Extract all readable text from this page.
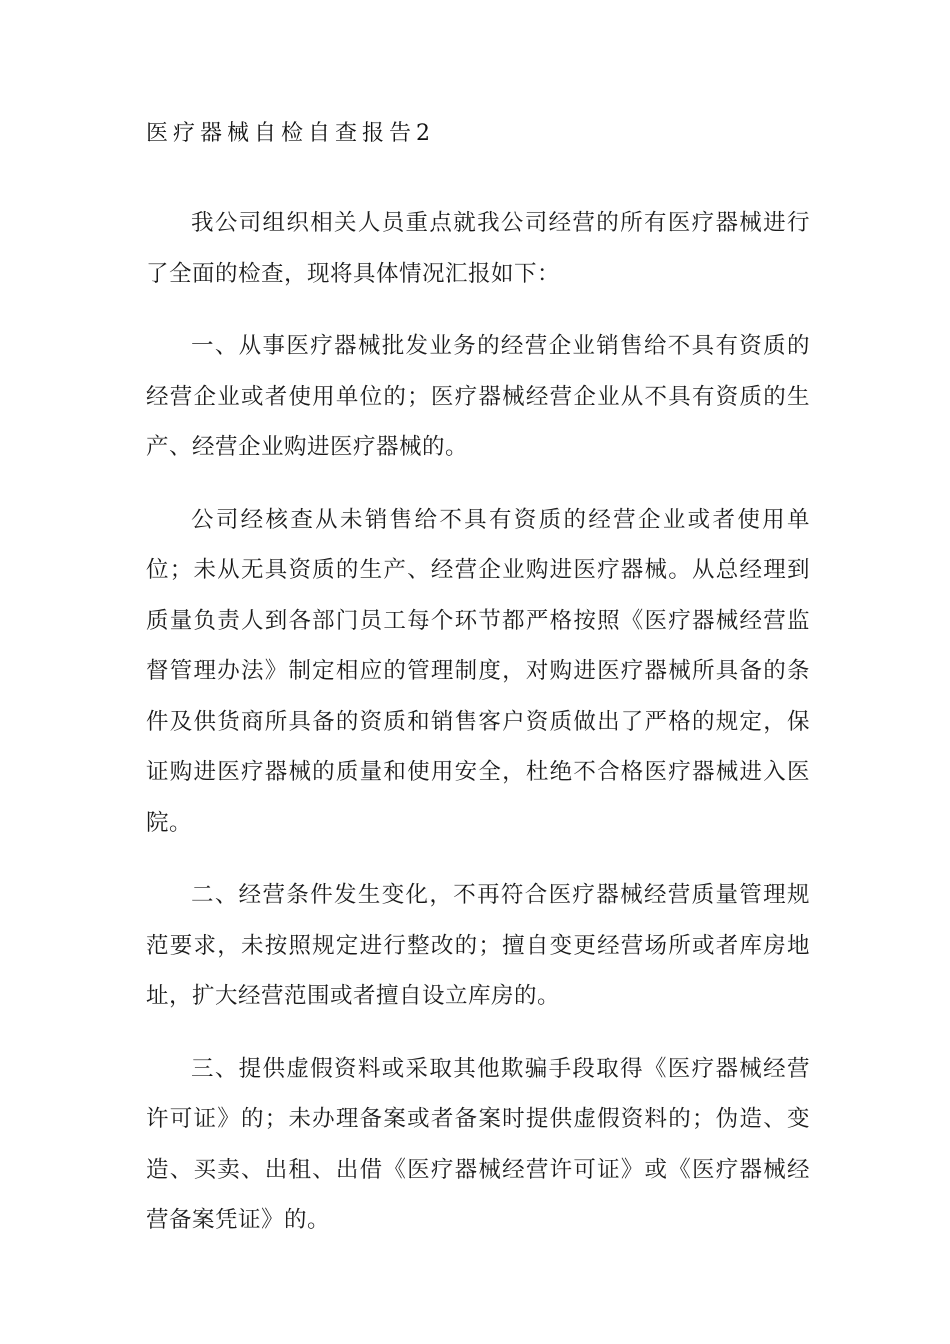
医疗器械自检自查报告2

我公司组织相关人员重点就我公司经营的所有医疗器械进行了全面的检查，现将具体情况汇报如下：

一、从事医疗器械批发业务的经营企业销售给不具有资质的经营企业或者使用单位的；医疗器械经营企业从不具有资质的生产、经营企业购进医疗器械的。

公司经核查从未销售给不具有资质的经营企业或者使用单位；未从无具资质的生产、经营企业购进医疗器械。从总经理到质量负责人到各部门员工每个环节都严格按照《医疗器械经营监督管理办法》制定相应的管理制度，对购进医疗器械所具备的条件及供货商所具备的资质和销售客户资质做出了严格的规定，保证购进医疗器械的质量和使用安全，杜绝不合格医疗器械进入医院。

二、经营条件发生变化，不再符合医疗器械经营质量管理规范要求，未按照规定进行整改的；擅自变更经营场所或者库房地址，扩大经营范围或者擅自设立库房的。

三、提供虚假资料或采取其他欺骗手段取得《医疗器械经营许可证》的；未办理备案或者备案时提供虚假资料的；伪造、变造、买卖、出租、出借《医疗器械经营许可证》或《医疗器械经营备案凭证》的。
